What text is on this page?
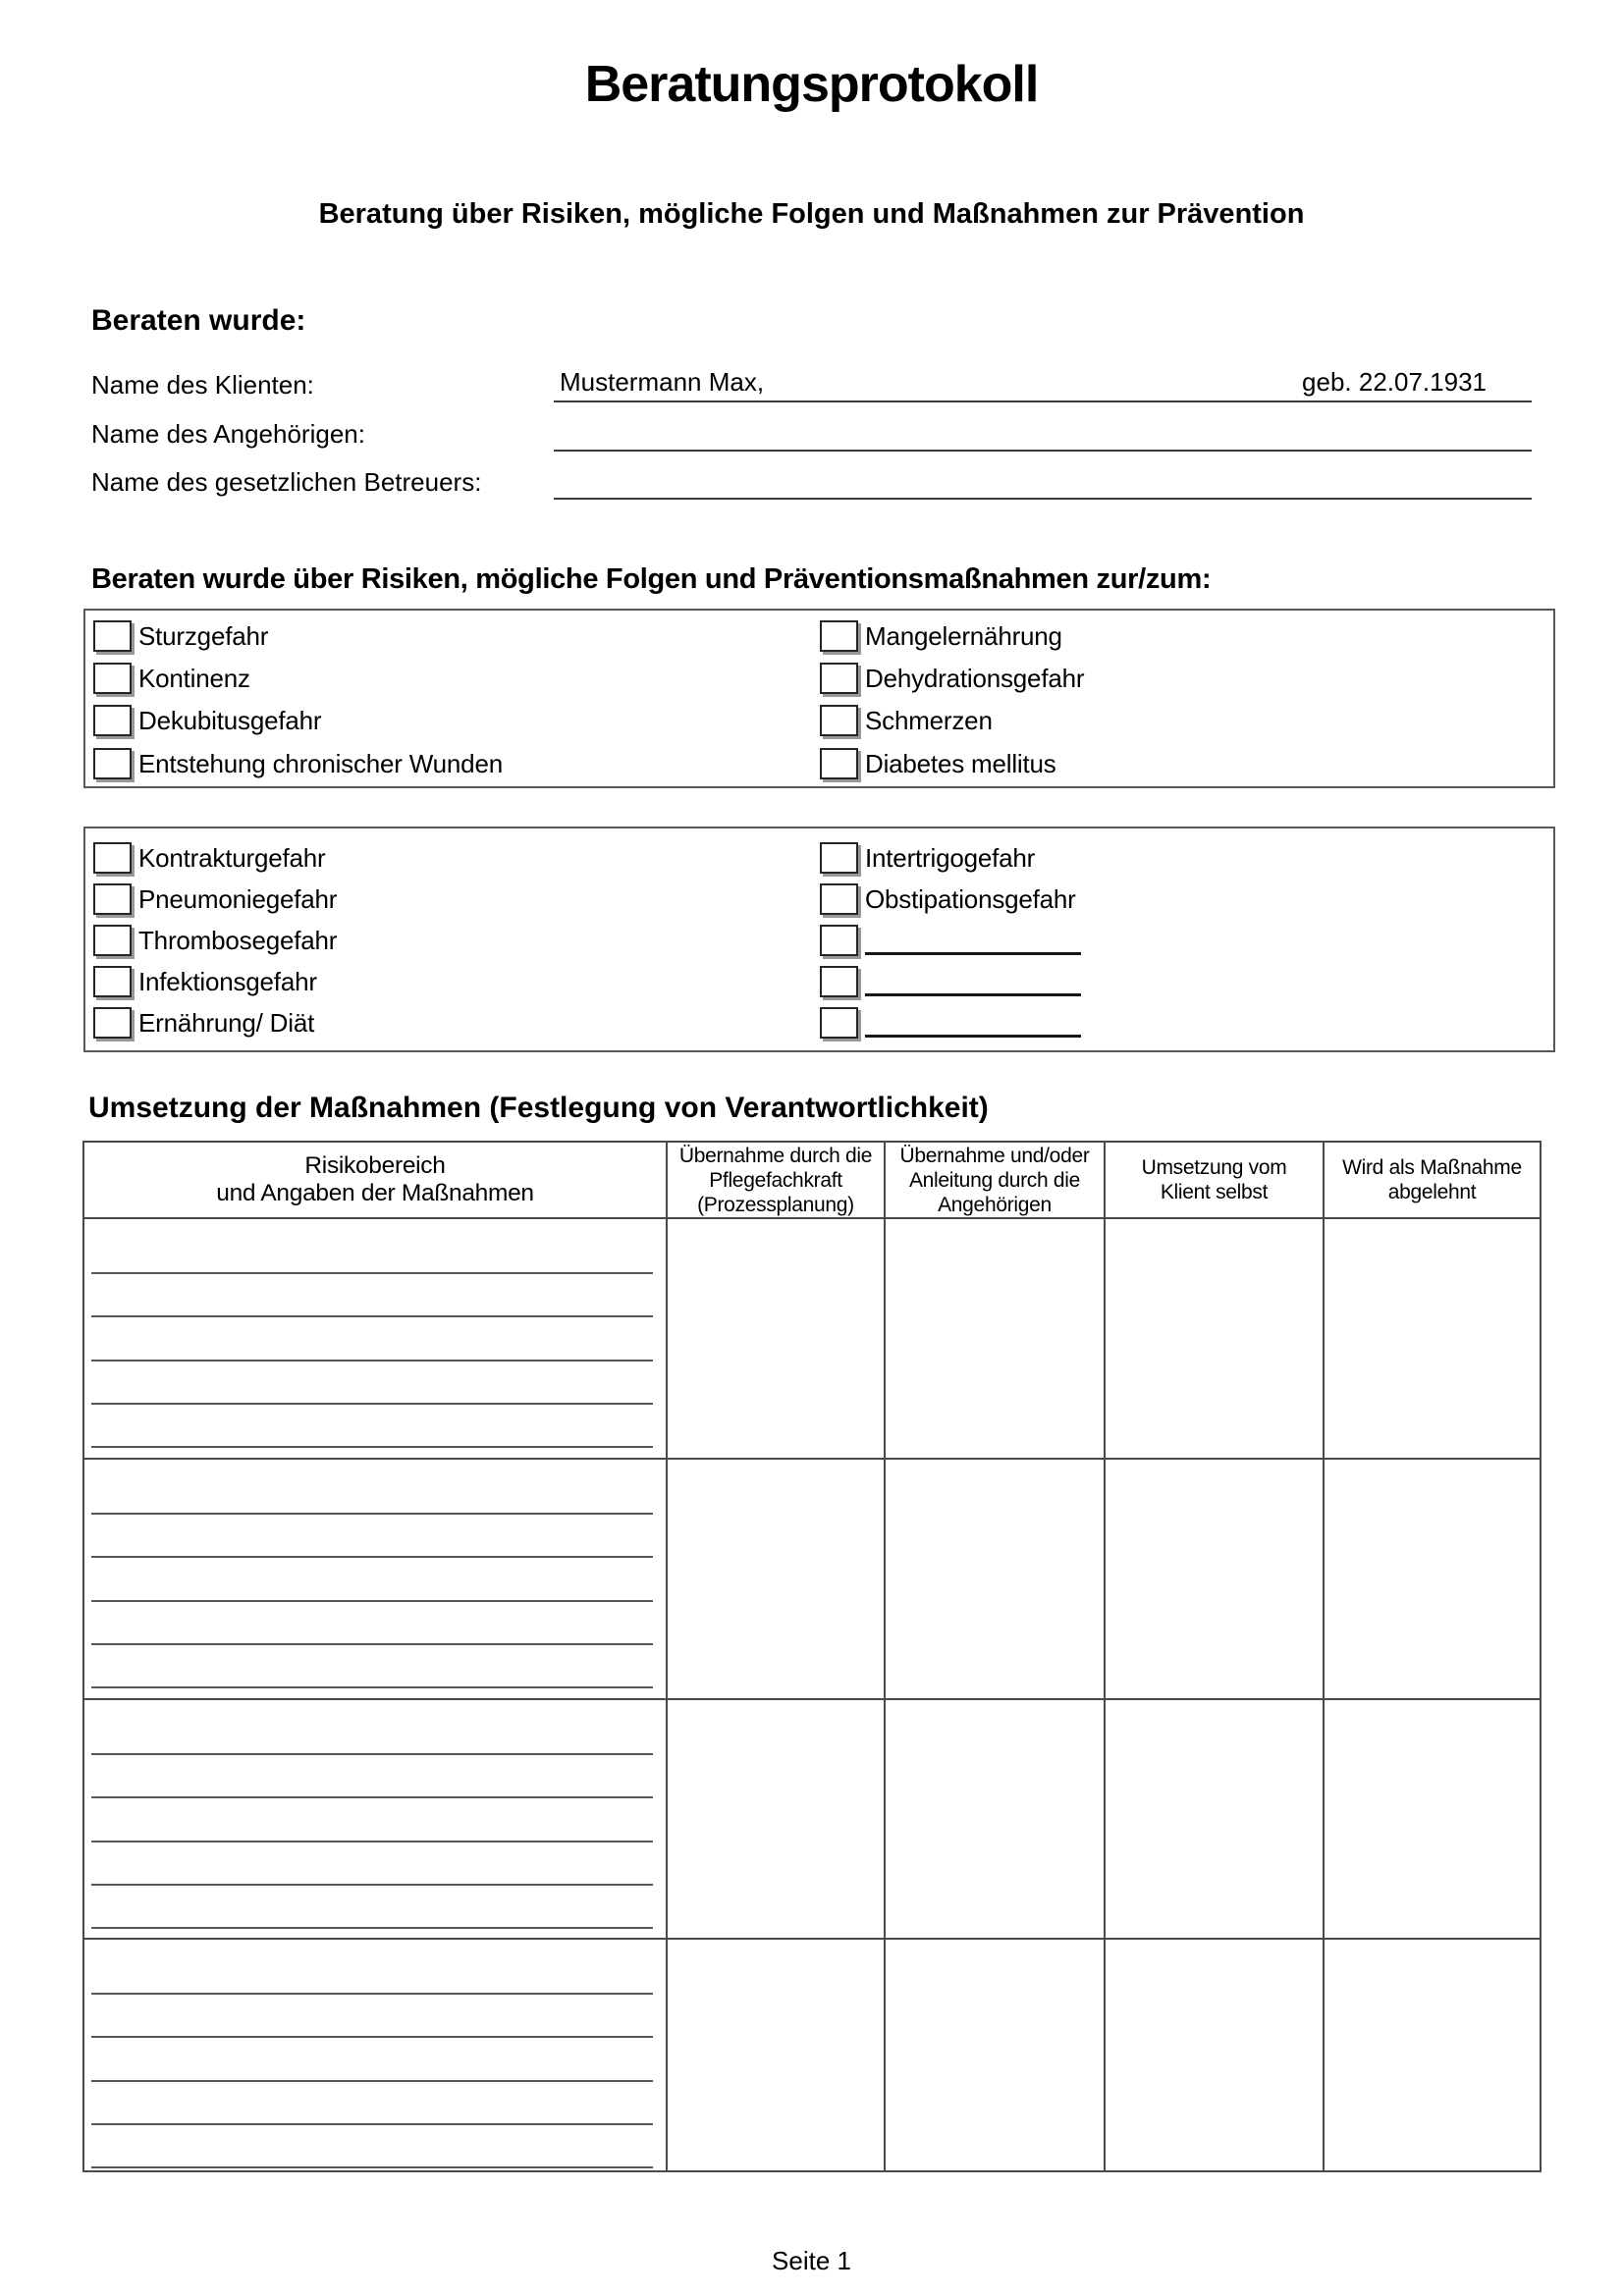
Beratungsprotokoll
Beratung über Risiken, mögliche Folgen und Maßnahmen zur Prävention
Beraten wurde:
Name des Klienten:	Mustermann Max,	geb. 22.07.1931
Name des Angehörigen:
Name des gesetzlichen Betreuers:
Beraten wurde über Risiken, mögliche Folgen und Präventionsmaßnahmen zur/zum:
Sturzgefahr
Kontinenz
Dekubitusgefahr
Entstehung chronischer Wunden
Mangelernährung
Dehydrationsgefahr
Schmerzen
Diabetes mellitus
Kontrakturgefahr
Pneumoniegefahr
Thrombosegefahr
Infektionsgefahr
Ernährung/ Diät
Intertrigogefahr
Obstipationsgefahr
Umsetzung der Maßnahmen (Festlegung von Verantwortlichkeit)
Risikobereich
und Angaben der Maßnahmen
Übernahme durch die
Pflegefachkraft
(Prozessplanung)
Übernahme und/oder
Anleitung durch die
Angehörigen
Umsetzung vom
Klient selbst
Wird als Maßnahme
abgelehnt
Seite 1
